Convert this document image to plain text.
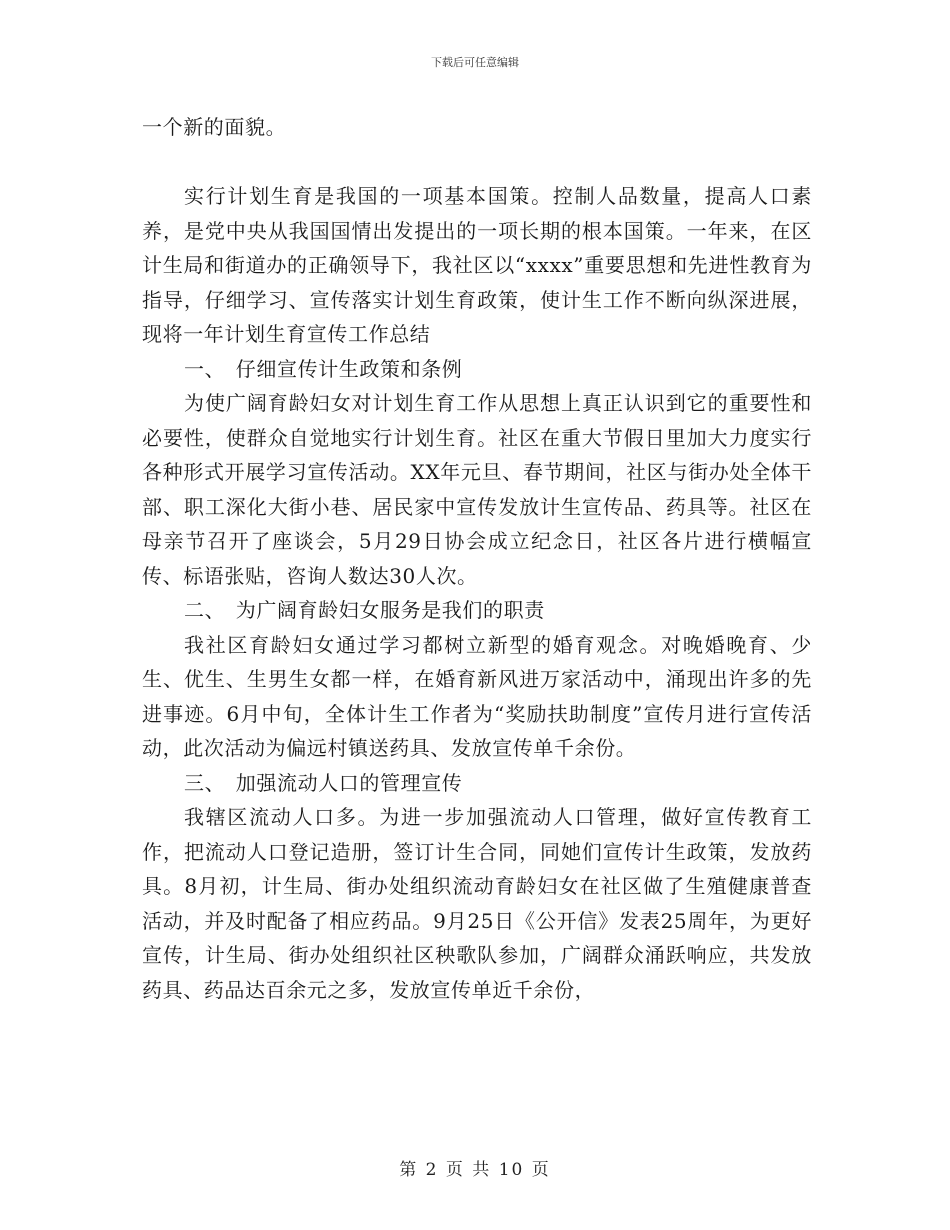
下载后可任意编辑

一个新的面貌。

实行计划生育是我国的一项基本国策。控制人品数量，提高人口素养，是党中央从我国国情出发提出的一项长期的根本国策。一年来，在区计生局和街道办的正确领导下，我社区以“xxxx”重要思想和先进性教育为指导，仔细学习、宣传落实计划生育政策，使计生工作不断向纵深进展，现将一年计划生育宣传工作总结

一、　仔细宣传计生政策和条例

为使广阔育龄妇女对计划生育工作从思想上真正认识到它的重要性和必要性，使群众自觉地实行计划生育。社区在重大节假日里加大力度实行各种形式开展学习宣传活动。XX年元旦、春节期间，社区与街办处全体干部、职工深化大街小巷、居民家中宣传发放计生宣传品、药具等。社区在母亲节召开了座谈会，5月29日协会成立纪念日，社区各片进行横幅宣传、标语张贴，咨询人数达30人次。

二、　为广阔育龄妇女服务是我们的职责

我社区育龄妇女通过学习都树立新型的婚育观念。对晚婚晚育、少生、优生、生男生女都一样，在婚育新风进万家活动中，涌现出许多的先进事迹。6月中旬，全体计生工作者为“奖励扶助制度”宣传月进行宣传活动，此次活动为偏远村镇送药具、发放宣传单千余份。

三、　加强流动人口的管理宣传

我辖区流动人口多。为进一步加强流动人口管理，做好宣传教育工作，把流动人口登记造册，签订计生合同，同她们宣传计生政策，发放药具。8月初，计生局、街办处组织流动育龄妇女在社区做了生殖健康普查活动，并及时配备了相应药品。9月25日《公开信》发表25周年，为更好宣传，计生局、街办处组织社区秧歌队参加，广阔群众涌跃响应，共发放药具、药品达百余元之多，发放宣传单近千余份，

第 2 页 共 10 页
